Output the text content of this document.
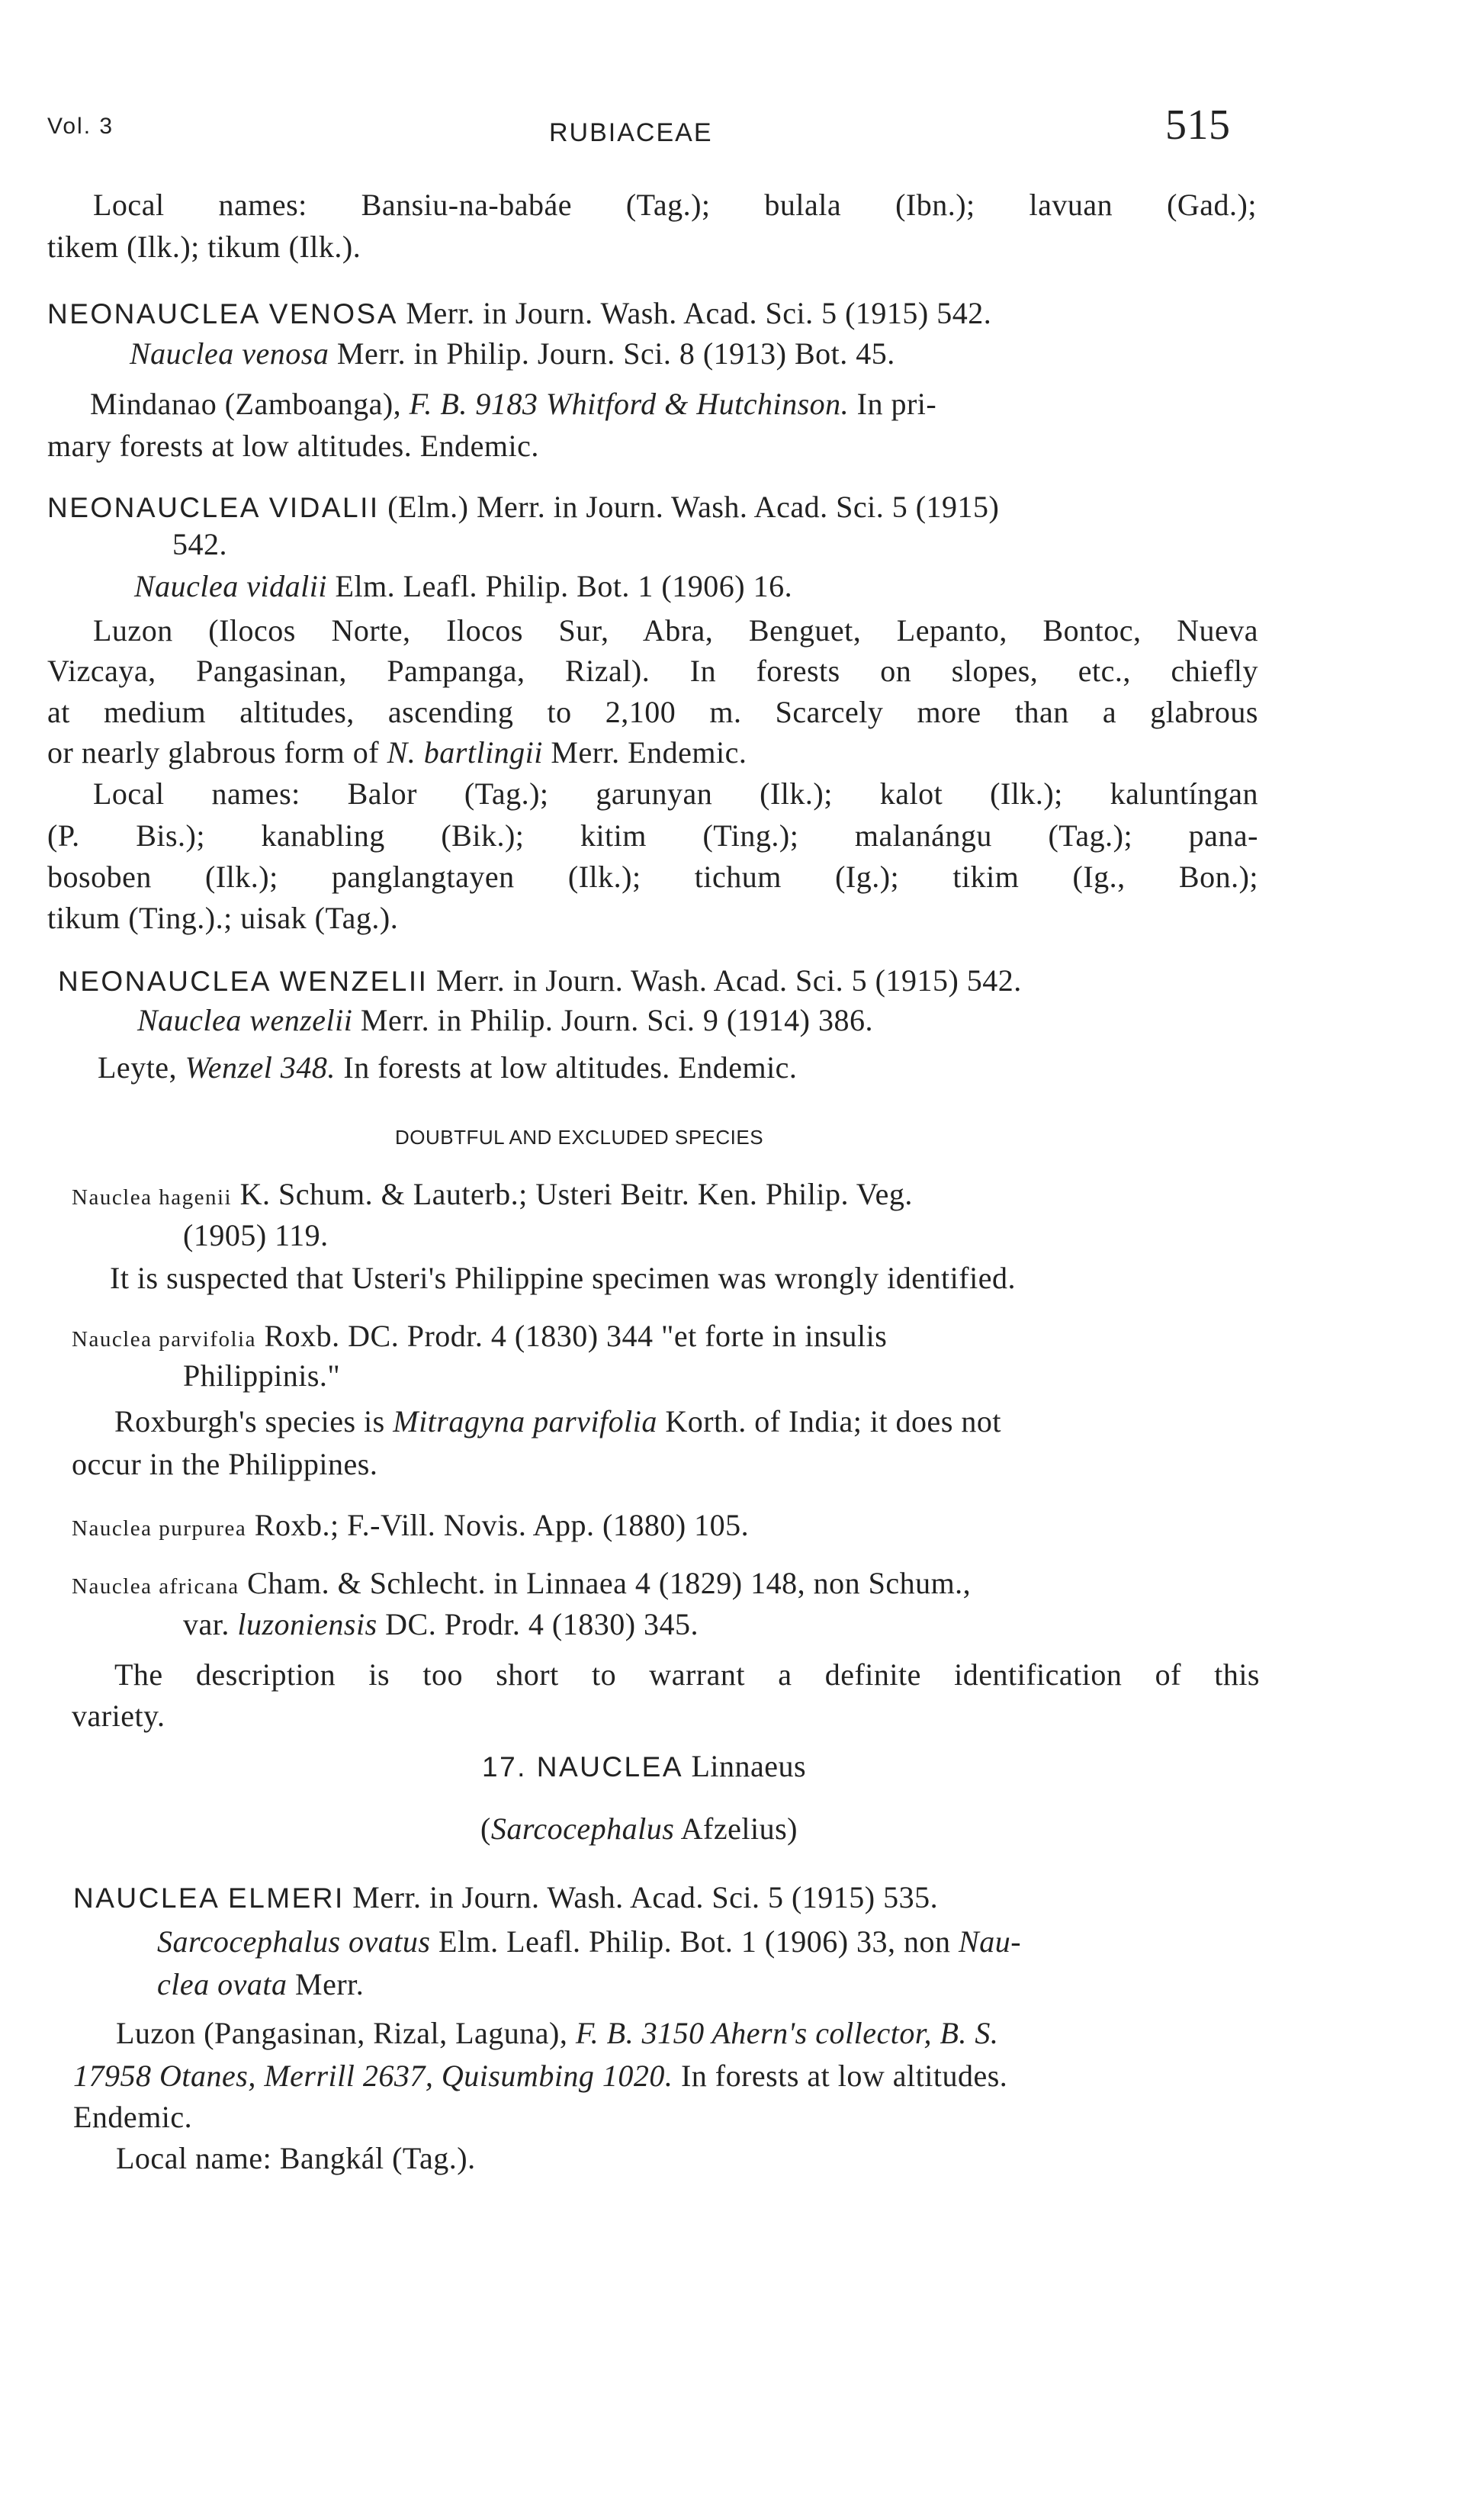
Vol. 3	RUBIACEAE	515
Local names: Bansiu-na-babáe (Tag.); bulala (Ibn.); lavuan (Gad.);
tikem (Ilk.); tikum (Ilk.).
NEONAUCLEA VENOSA Merr. in Journ. Wash. Acad. Sci. 5 (1915) 542.
Nauclea venosa Merr. in Philip. Journ. Sci. 8 (1913) Bot. 45.
Mindanao (Zamboanga), F. B. 9183 Whitford & Hutchinson. In pri-
mary forests at low altitudes. Endemic.
NEONAUCLEA VIDALII (Elm.) Merr. in Journ. Wash. Acad. Sci. 5 (1915)
542.
Nauclea vidalii Elm. Leafl. Philip. Bot. 1 (1906) 16.
Luzon (Ilocos Norte, Ilocos Sur, Abra, Benguet, Lepanto, Bontoc, Nueva
Vizcaya, Pangasinan, Pampanga, Rizal). In forests on slopes, etc., chiefly
at medium altitudes, ascending to 2,100 m. Scarcely more than a glabrous
or nearly glabrous form of N. bartlingii Merr. Endemic.
Local names: Balor (Tag.); garunyan (Ilk.); kalot (Ilk.); kaluntíngan
(P. Bis.); kanabling (Bik.); kitim (Ting.); malanángu (Tag.); pana-
bosoben (Ilk.); panglangtayen (Ilk.); tichum (Ig.); tikim (Ig., Bon.);
tikum (Ting.).; uisak (Tag.).
NEONAUCLEA WENZELII Merr. in Journ. Wash. Acad. Sci. 5 (1915) 542.
Nauclea wenzelii Merr. in Philip. Journ. Sci. 9 (1914) 386.
Leyte, Wenzel 348. In forests at low altitudes. Endemic.
DOUBTFUL AND EXCLUDED SPECIES
Nauclea hagenii K. Schum. & Lauterb.; Usteri Beitr. Ken. Philip. Veg.
(1905) 119.
It is suspected that Usteri's Philippine specimen was wrongly identified.
Nauclea parvifolia Roxb. DC. Prodr. 4 (1830) 344 "et forte in insulis
Philippinis."
Roxburgh's species is Mitragyna parvifolia Korth. of India; it does not
occur in the Philippines.
Nauclea purpurea Roxb.; F.-Vill. Novis. App. (1880) 105.
Nauclea africana Cham. & Schlecht. in Linnaea 4 (1829) 148, non Schum.,
var. luzoniensis DC. Prodr. 4 (1830) 345.
The description is too short to warrant a definite identification of this
variety.
17. NAUCLEA Linnaeus
(Sarcocephalus Afzelius)
NAUCLEA ELMERI Merr. in Journ. Wash. Acad. Sci. 5 (1915) 535.
Sarcocephalus ovatus Elm. Leafl. Philip. Bot. 1 (1906) 33, non Nau-
clea ovata Merr.
Luzon (Pangasinan, Rizal, Laguna), F. B. 3150 Ahern's collector, B. S.
17958 Otanes, Merrill 2637, Quisumbing 1020. In forests at low altitudes.
Endemic.
Local name: Bangkál (Tag.).
